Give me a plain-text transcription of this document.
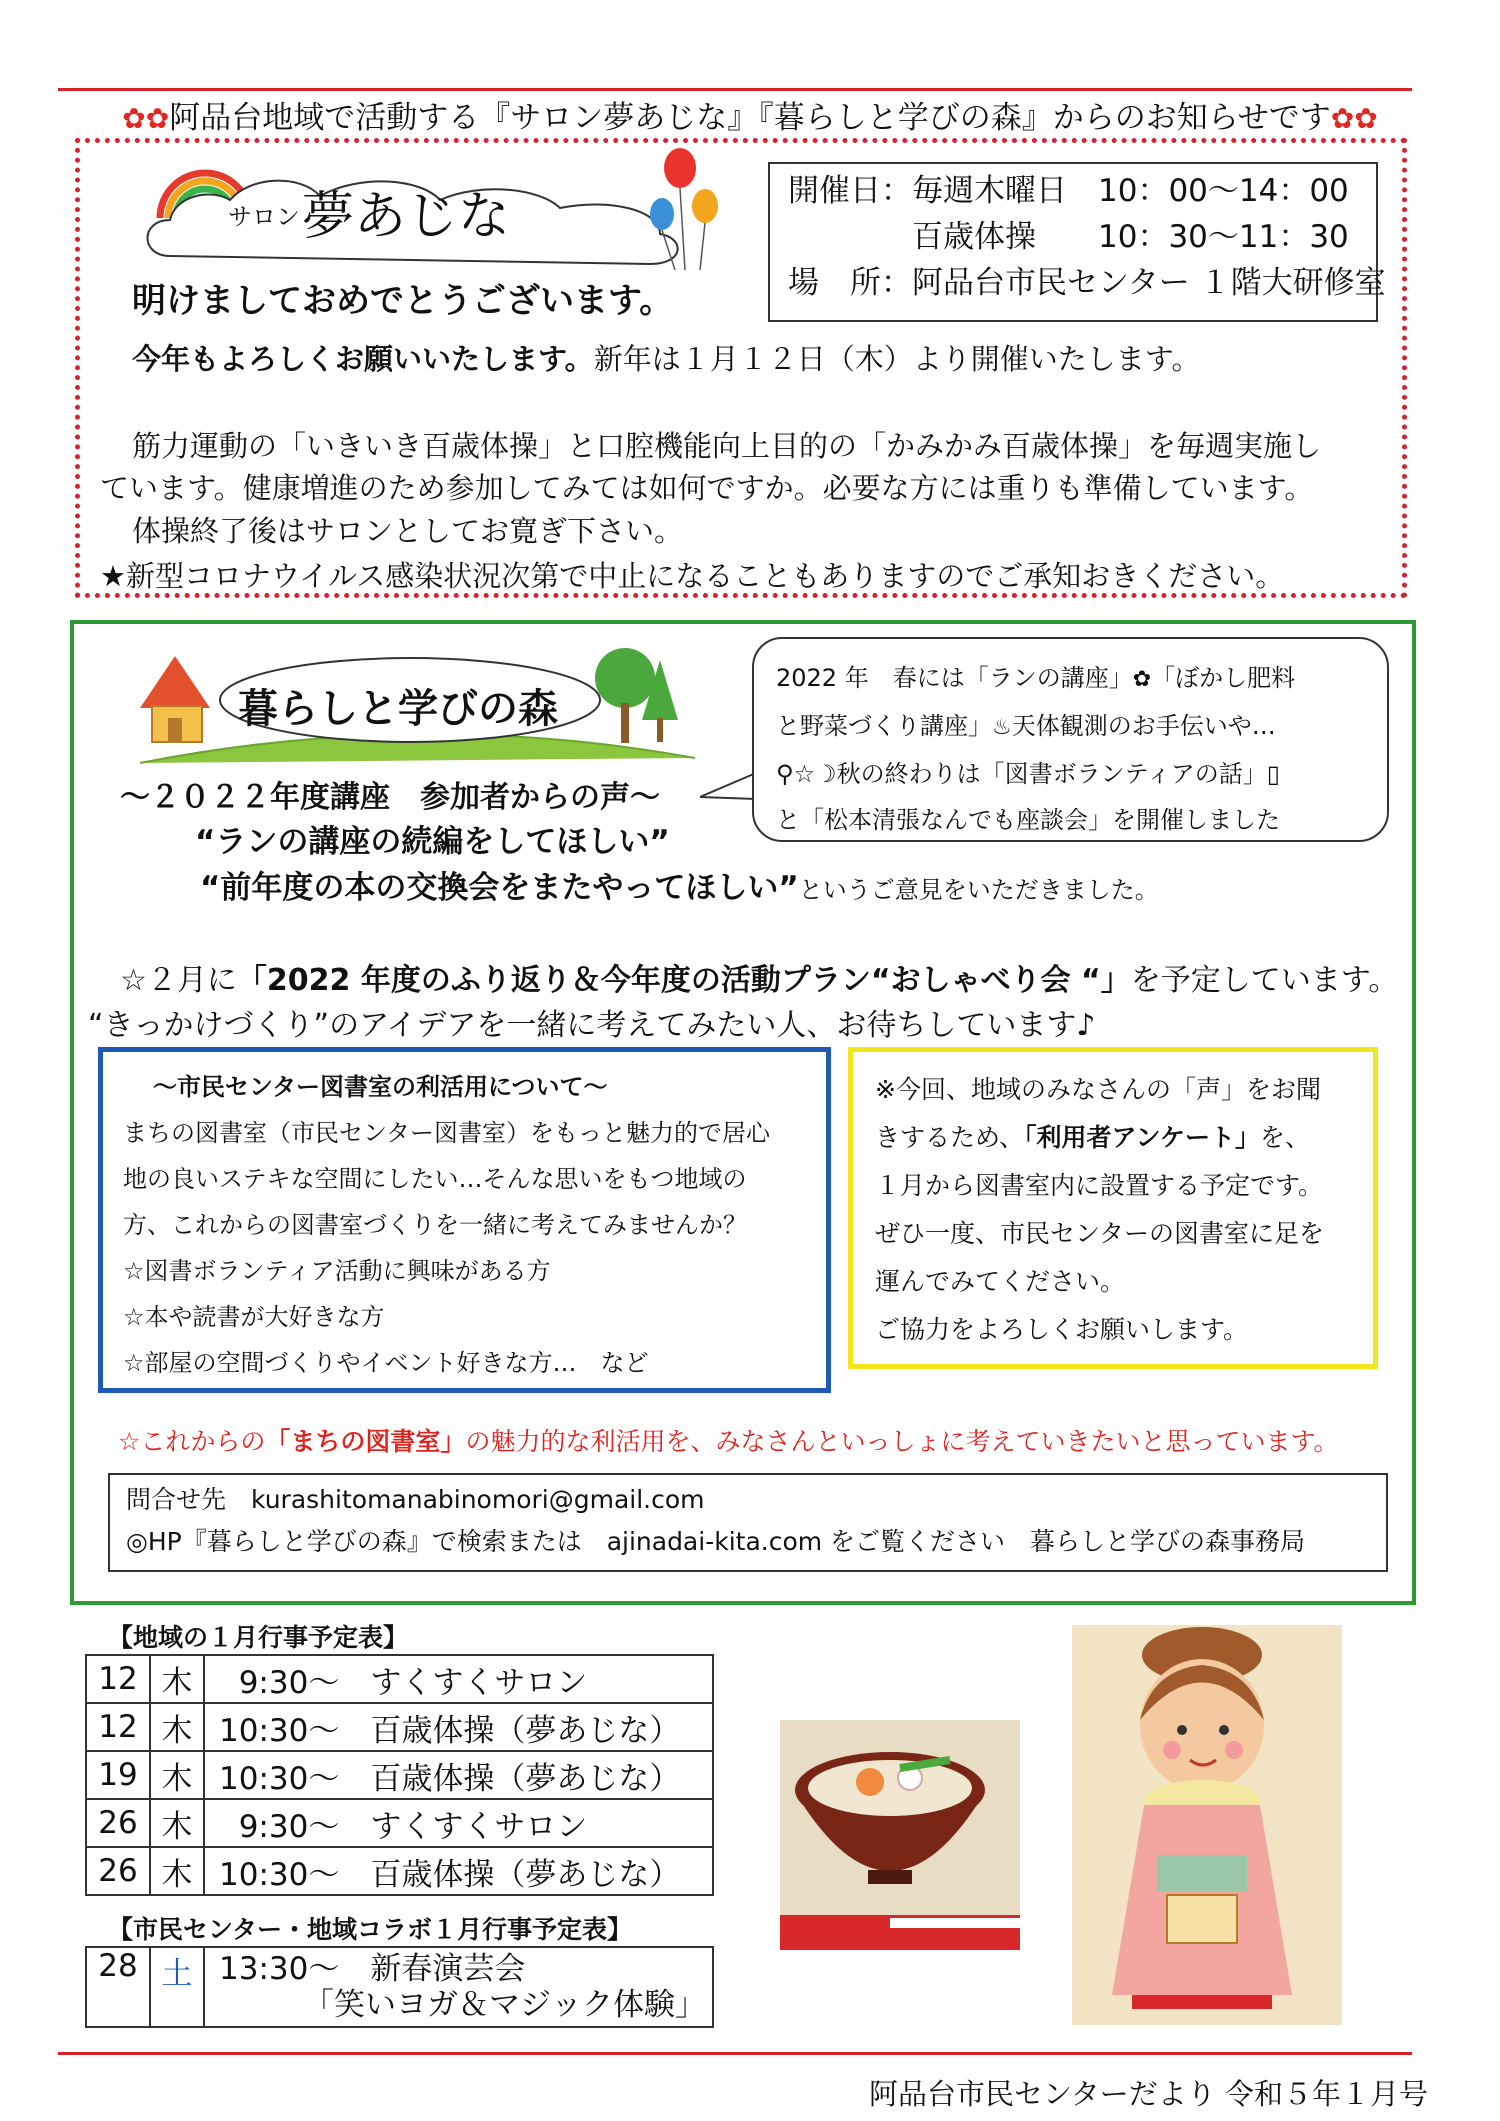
✿✿阿品台地域で活動する『サロン夢あじな』『暮らしと学びの森』からのお知らせです✿✿
サロン 夢あじな
明けましておめでとうございます。
開催日：毎週木曜日　10：00～14：00
　　　　百歳体操　　10：30～11：30
場　所：阿品台市民センター １階大研修室
今年もよろしくお願いいたします。新年は１月１２日（木）より開催いたします。
筋力運動の「いきいき百歳体操」と口腔機能向上目的の「かみかみ百歳体操」を毎週実施し
ています。健康増進のため参加してみては如何ですか。必要な方には重りも準備しています。
体操終了後はサロンとしてお寛ぎ下さい。
★新型コロナウイルス感染状況次第で中止になることもありますのでご承知おきください。
暮らしと学びの森
～２０２２年度講座　参加者からの声～
“ランの講座の続編をしてほしい”
“前年度の本の交換会をまたやってほしい”というご意見をいただきました。
2022 年　春には「ランの講座」✿「ぼかし肥料
と野菜づくり講座」♨天体観測のお手伝いや…
⚲☆☽秋の終わりは「図書ボランティアの話」▯
と「松本清張なんでも座談会」を開催しました
☆２月に「2022 年度のふり返り＆今年度の活動プラン“おしゃべり会 “」を予定しています。
“きっかけづくり”のアイデアを一緒に考えてみたい人、お待ちしています♪
～市民センター図書室の利活用について～
まちの図書室（市民センター図書室）をもっと魅力的で居心
地の良いステキな空間にしたい…そんな思いをもつ地域の
方、これからの図書室づくりを一緒に考えてみませんか？
☆図書ボランティア活動に興味がある方
☆本や読書が大好きな方
☆部屋の空間づくりやイベント好きな方…　など
※今回、地域のみなさんの「声」をお聞
きするため、「利用者アンケート」を、
１月から図書室内に設置する予定です。
ぜひ一度、市民センターの図書室に足を
運んでみてください。
ご協力をよろしくお願いします。
☆これからの「まちの図書室」の魅力的な利活用を、みなさんといっしょに考えていきたいと思っています。
問合せ先　kurashitomanabinomori@gmail.com
◎HP『暮らしと学びの森』で検索または　ajinadai-kita.com をご覧ください　暮らしと学びの森事務局
【地域の１月行事予定表】
12	木	9:30～　すくすくサロン
12	木	10:30～　百歳体操（夢あじな）
19	木	10:30～　百歳体操（夢あじな）
26	木	9:30～　すくすくサロン
26	木	10:30～　百歳体操（夢あじな）
【市民センター・地域コラボ１月行事予定表】
28	土	13:30～　新春演芸会
「笑いヨガ＆マジック体験」
阿品台市民センターだより 令和５年１月号
